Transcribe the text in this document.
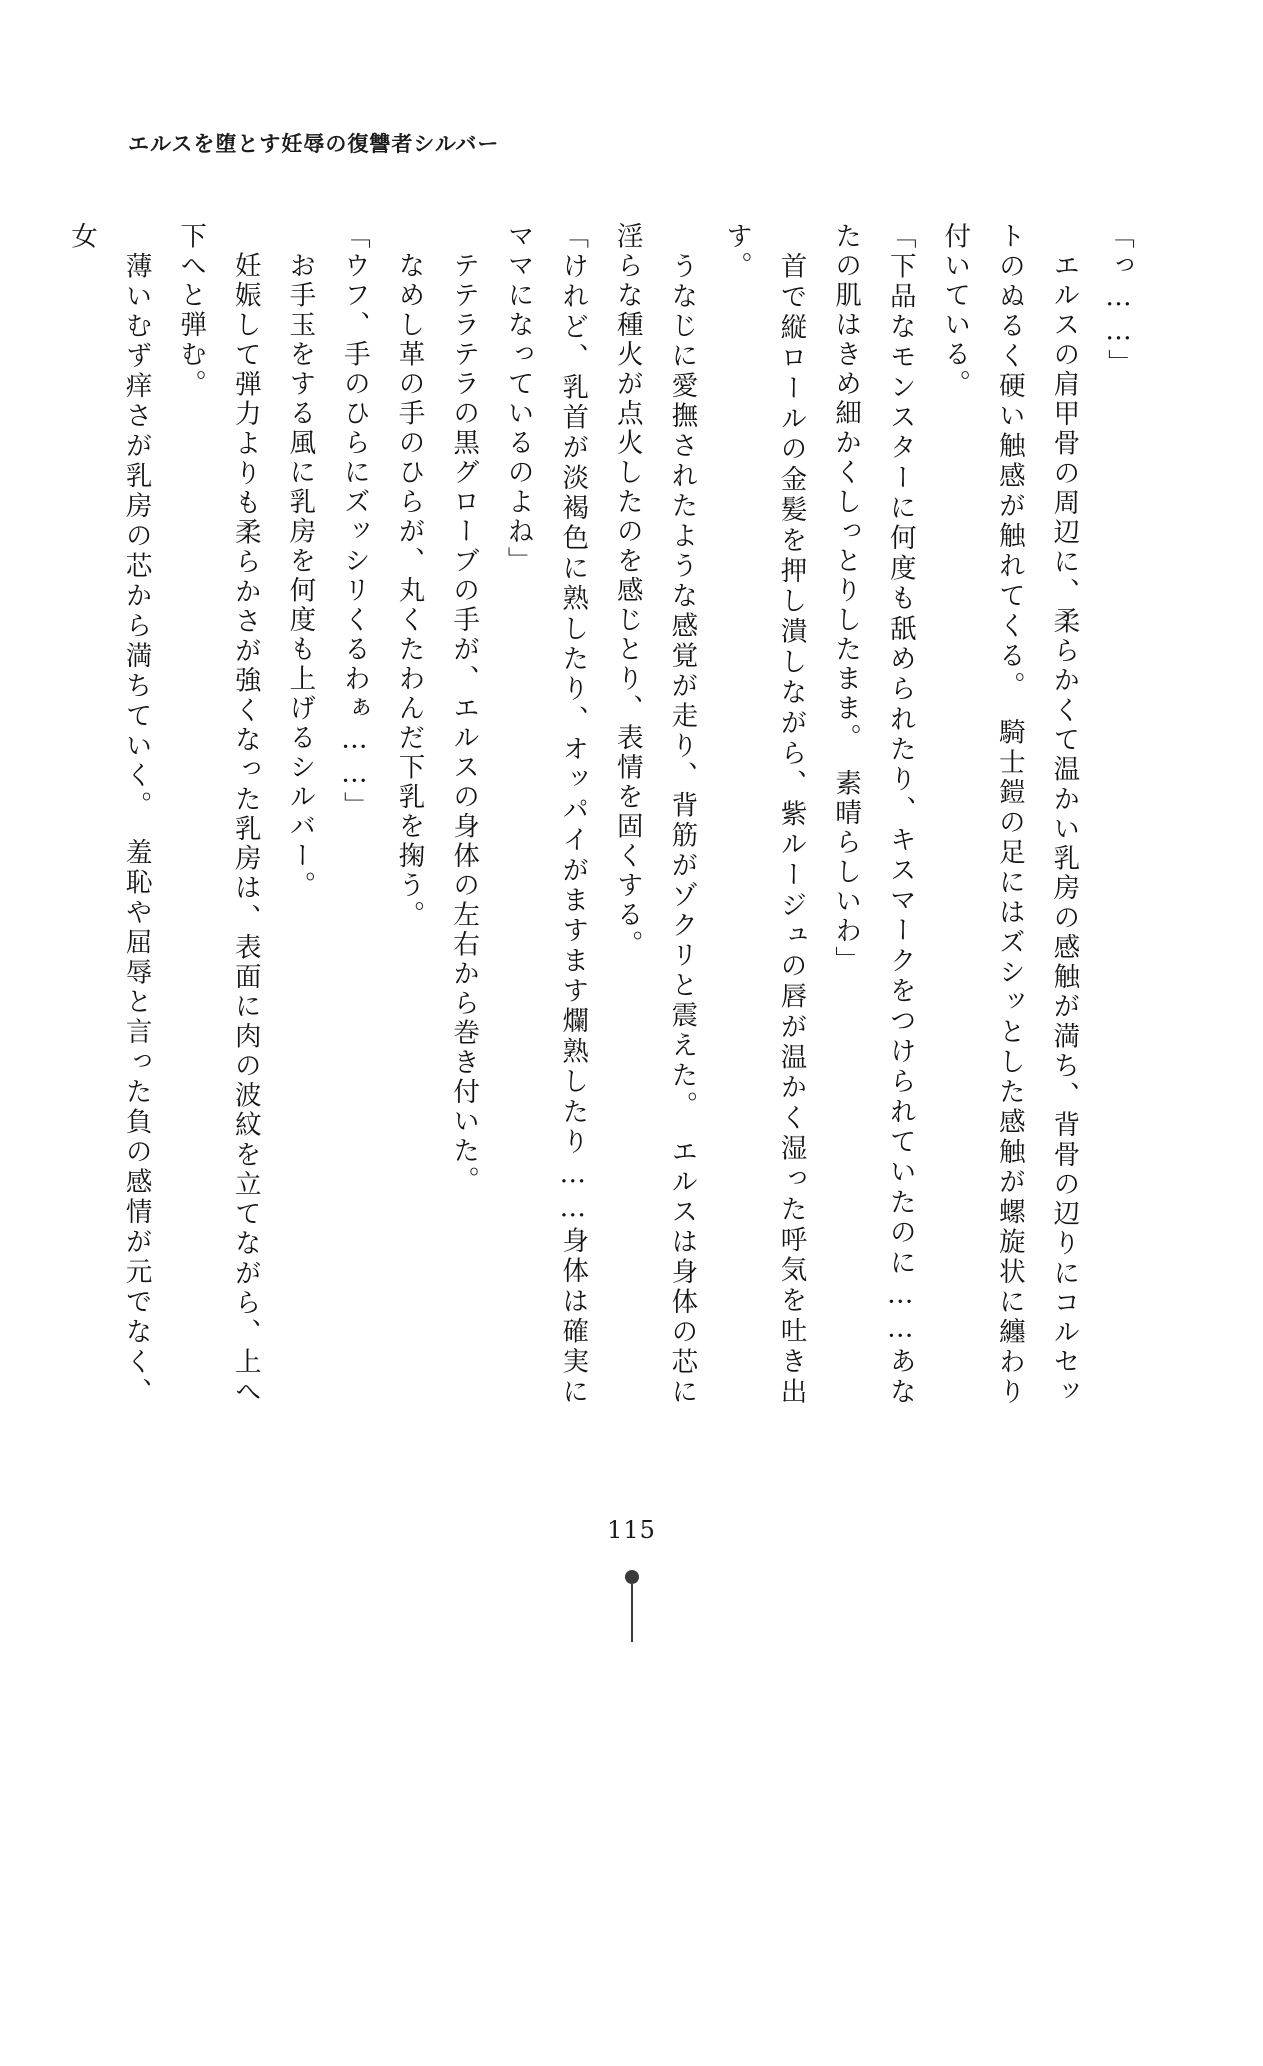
エルスを堕とす妊辱の復讐者シルバー

「っ……」

　エルスの肩甲骨の周辺に、柔らかくて温かい乳房の感触が満ち、背骨の辺りにコルセットのぬるく硬い触感が触れてくる。　騎士鎧の足にはズシッとした感触が螺旋状に纏わり付いている。

「下品なモンスターに何度も舐められたり、キスマークをつけられていたのに……あなたの肌はきめ細かくしっとりしたまま。　素晴らしいわ」

　首で縦ロールの金髪を押し潰しながら、紫ルージュの唇が温かく湿った呼気を吐き出す。

　うなじに愛撫されたような感覚が走り、背筋がゾクリと震えた。　エルスは身体の芯に淫らな種火が点火したのを感じとり、表情を固くする。

「けれど、乳首が淡褐色に熟したり、オッパイがますます爛熟したり……身体は確実にママになっているのよね」

　テテラテラの黒グローブの手が、エルスの身体の左右から巻き付いた。

　なめし革の手のひらが、丸くたわんだ下乳を掬う。

「ウフ、手のひらにズッシリくるわぁ……」

　お手玉をする風に乳房を何度も上げるシルバー。

　妊娠して弾力よりも柔らかさが強くなった乳房は、表面に肉の波紋を立てながら、上へ下へと弾む。

　薄いむず痒さが乳房の芯から満ちていく。　羞恥や屈辱と言った負の感情が元でなく、女

115
